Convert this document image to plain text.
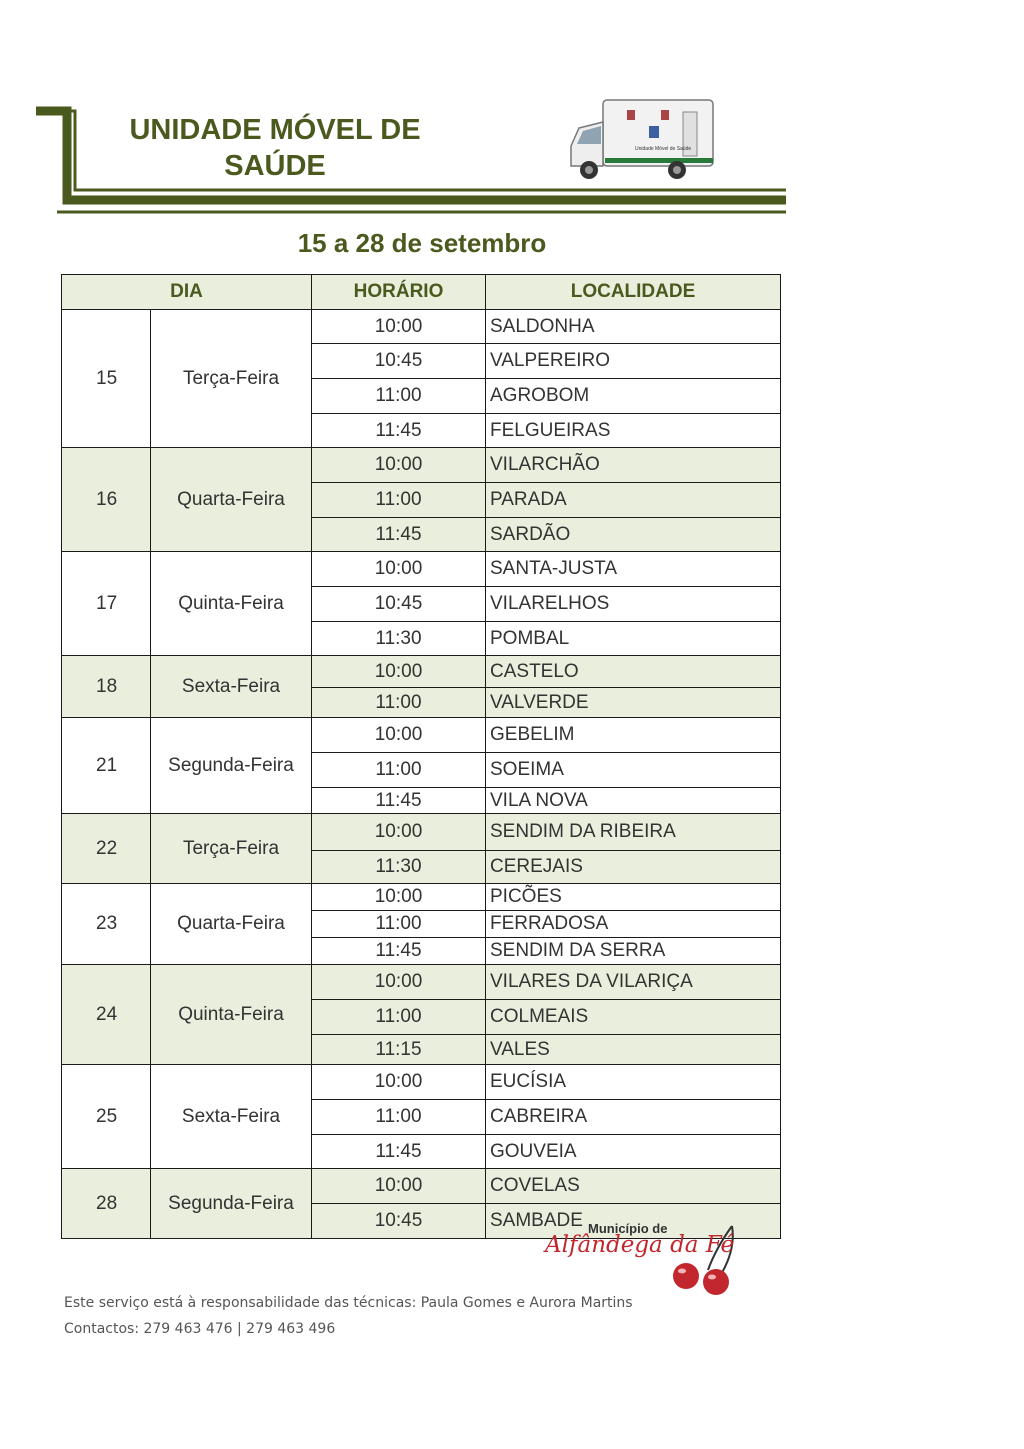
UNIDADE MÓVEL DE
SAÚDE
Unidade Móvel de Saúde
15 a 28 de setembro
DIA		HORÁRIO	LOCALIDADE
15	Terça-Feira	10:00	SALDONHA
		10:45	VALPEREIRO
		11:00	AGROBOM
		11:45	FELGUEIRAS
16	Quarta-Feira	10:00	VILARCHÃO
		11:00	PARADA
		11:45	SARDÃO
17	Quinta-Feira	10:00	SANTA-JUSTA
		10:45	VILARELHOS
		11:30	POMBAL
18	Sexta-Feira	10:00	CASTELO
		11:00	VALVERDE
21	Segunda-Feira	10:00	GEBELIM
		11:00	SOEIMA
		11:45	VILA NOVA
22	Terça-Feira	10:00	SENDIM DA RIBEIRA
		11:30	CEREJAIS
23	Quarta-Feira	10:00	PICÕES
		11:00	FERRADOSA
		11:45	SENDIM DA SERRA
24	Quinta-Feira	10:00	VILARES DA VILARIÇA
		11:00	COLMEAIS
		11:15	VALES
25	Sexta-Feira	10:00	EUCÍSIA
		11:00	CABREIRA
		11:45	GOUVEIA
28	Segunda-Feira	10:00	COVELAS
		10:45	SAMBADE Município de
Alfândega da Fé
Este serviço está à responsabilidade das técnicas: Paula Gomes e Aurora Martins
Contactos: 279 463 476 | 279 463 496
